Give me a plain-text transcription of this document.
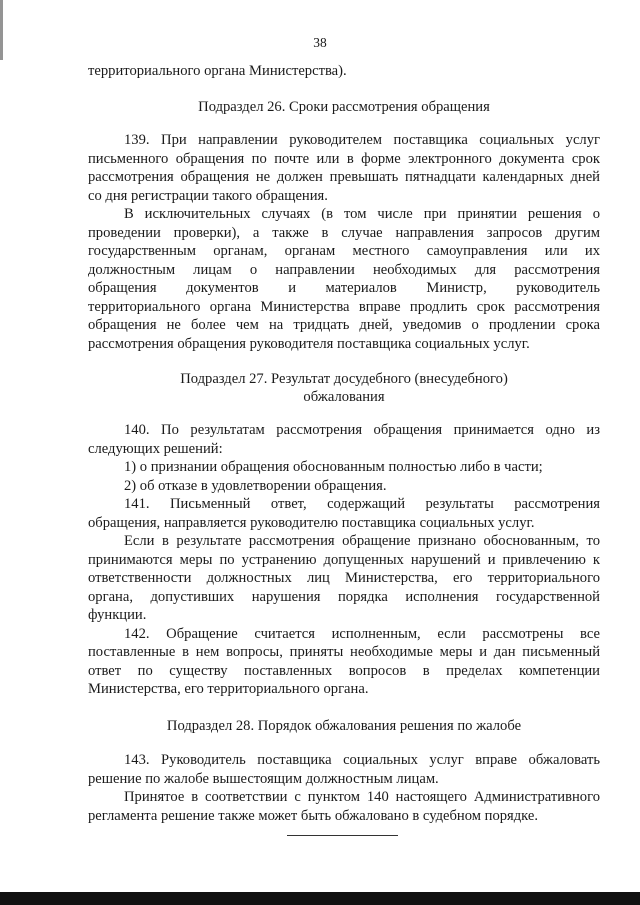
38
территориального органа Министерства).
Подраздел 26. Сроки рассмотрения обращения
139. При направлении руководителем поставщика социальных услуг
письменного обращения по почте или в форме электронного документа срок
рассмотрения обращения не должен превышать пятнадцати календарных дней
со дня регистрации такого обращения.
В исключительных случаях (в том числе при принятии решения о
проведении проверки), а также в случае направления запросов другим
государственным органам, органам местного самоуправления или их
должностным лицам о направлении необходимых для рассмотрения
обращения документов и материалов Министр, руководитель
территориального органа Министерства вправе продлить срок рассмотрения
обращения не более чем на тридцать дней, уведомив о продлении срока
рассмотрения обращения руководителя поставщика социальных услуг.
Подраздел 27. Результат досудебного (внесудебного)
обжалования
140. По результатам рассмотрения обращения принимается одно из
следующих решений:
1) о признании обращения обоснованным полностью либо в части;
2) об отказе в удовлетворении обращения.
141. Письменный ответ, содержащий результаты рассмотрения
обращения, направляется руководителю поставщика социальных услуг.
Если в результате рассмотрения обращение признано обоснованным, то
принимаются меры по устранению допущенных нарушений и привлечению к
ответственности должностных лиц Министерства, его территориального
органа, допустивших нарушения порядка исполнения государственной
функции.
142. Обращение считается исполненным, если рассмотрены все
поставленные в нем вопросы, приняты необходимые меры и дан письменный
ответ по существу поставленных вопросов в пределах компетенции
Министерства, его территориального органа.
Подраздел 28. Порядок обжалования решения по жалобе
143. Руководитель поставщика социальных услуг вправе обжаловать
решение по жалобе вышестоящим должностным лицам.
Принятое в соответствии с пунктом 140 настоящего Административного
регламента решение также может быть обжаловано в судебном порядке.
